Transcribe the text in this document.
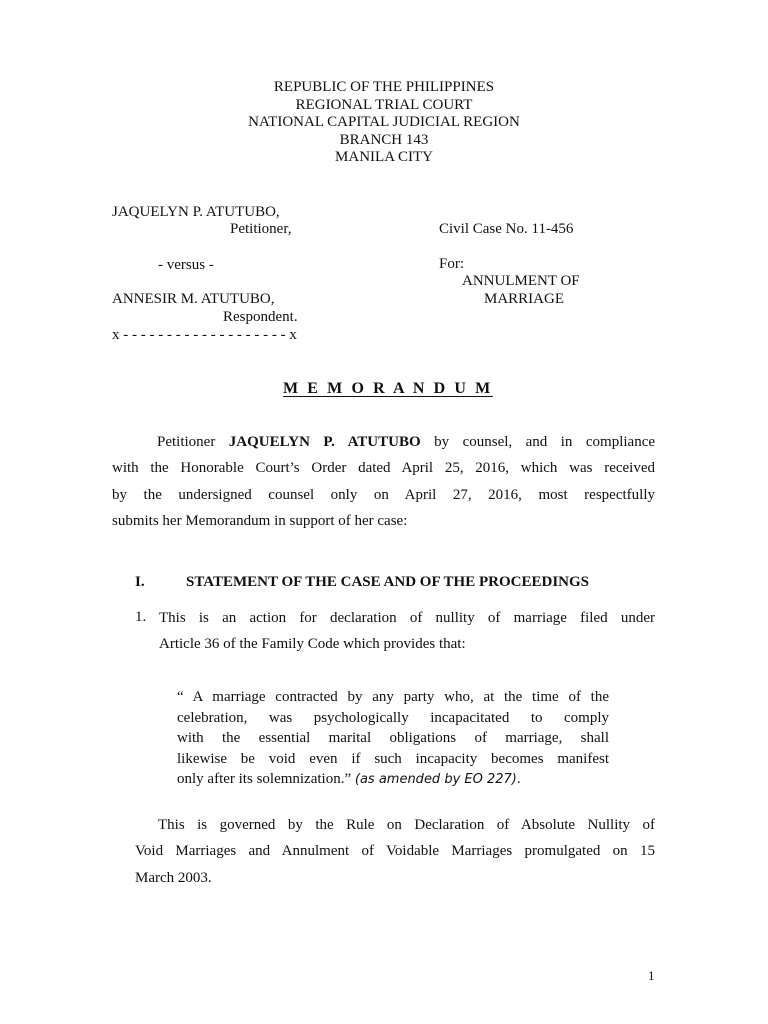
REPUBLIC OF THE PHILIPPINES
REGIONAL TRIAL COURT
NATIONAL CAPITAL JUDICIAL REGION
BRANCH 143
MANILA CITY
JAQUELYN P. ATUTUBO,
Petitioner,
- versus -
ANNESIR M. ATUTUBO,
Respondent.
x - - - - - - - - - - - - - - - - - - - x
Civil Case No. 11-456
For:
ANNULMENT OF
MARRIAGE
M E M O R A N D U M
Petitioner JAQUELYN P. ATUTUBO by counsel, and in compliance
with the Honorable Court’s Order dated April 25, 2016, which was received
by the undersigned counsel only on April 27, 2016, most respectfully
submits her Memorandum in support of her case:
I.	STATEMENT OF THE CASE AND OF THE PROCEEDINGS
1. This is an action for declaration of nullity of marriage filed under
Article 36 of the Family Code which provides that:
“ A marriage contracted by any party who, at the time of the
celebration, was psychologically incapacitated to comply
with the essential marital obligations of marriage, shall
likewise be void even if such incapacity becomes manifest
only after its solemnization.” (as amended by EO 227).
This is governed by the Rule on Declaration of Absolute Nullity of
Void Marriages and Annulment of Voidable Marriages promulgated on 15
March 2003.
1
